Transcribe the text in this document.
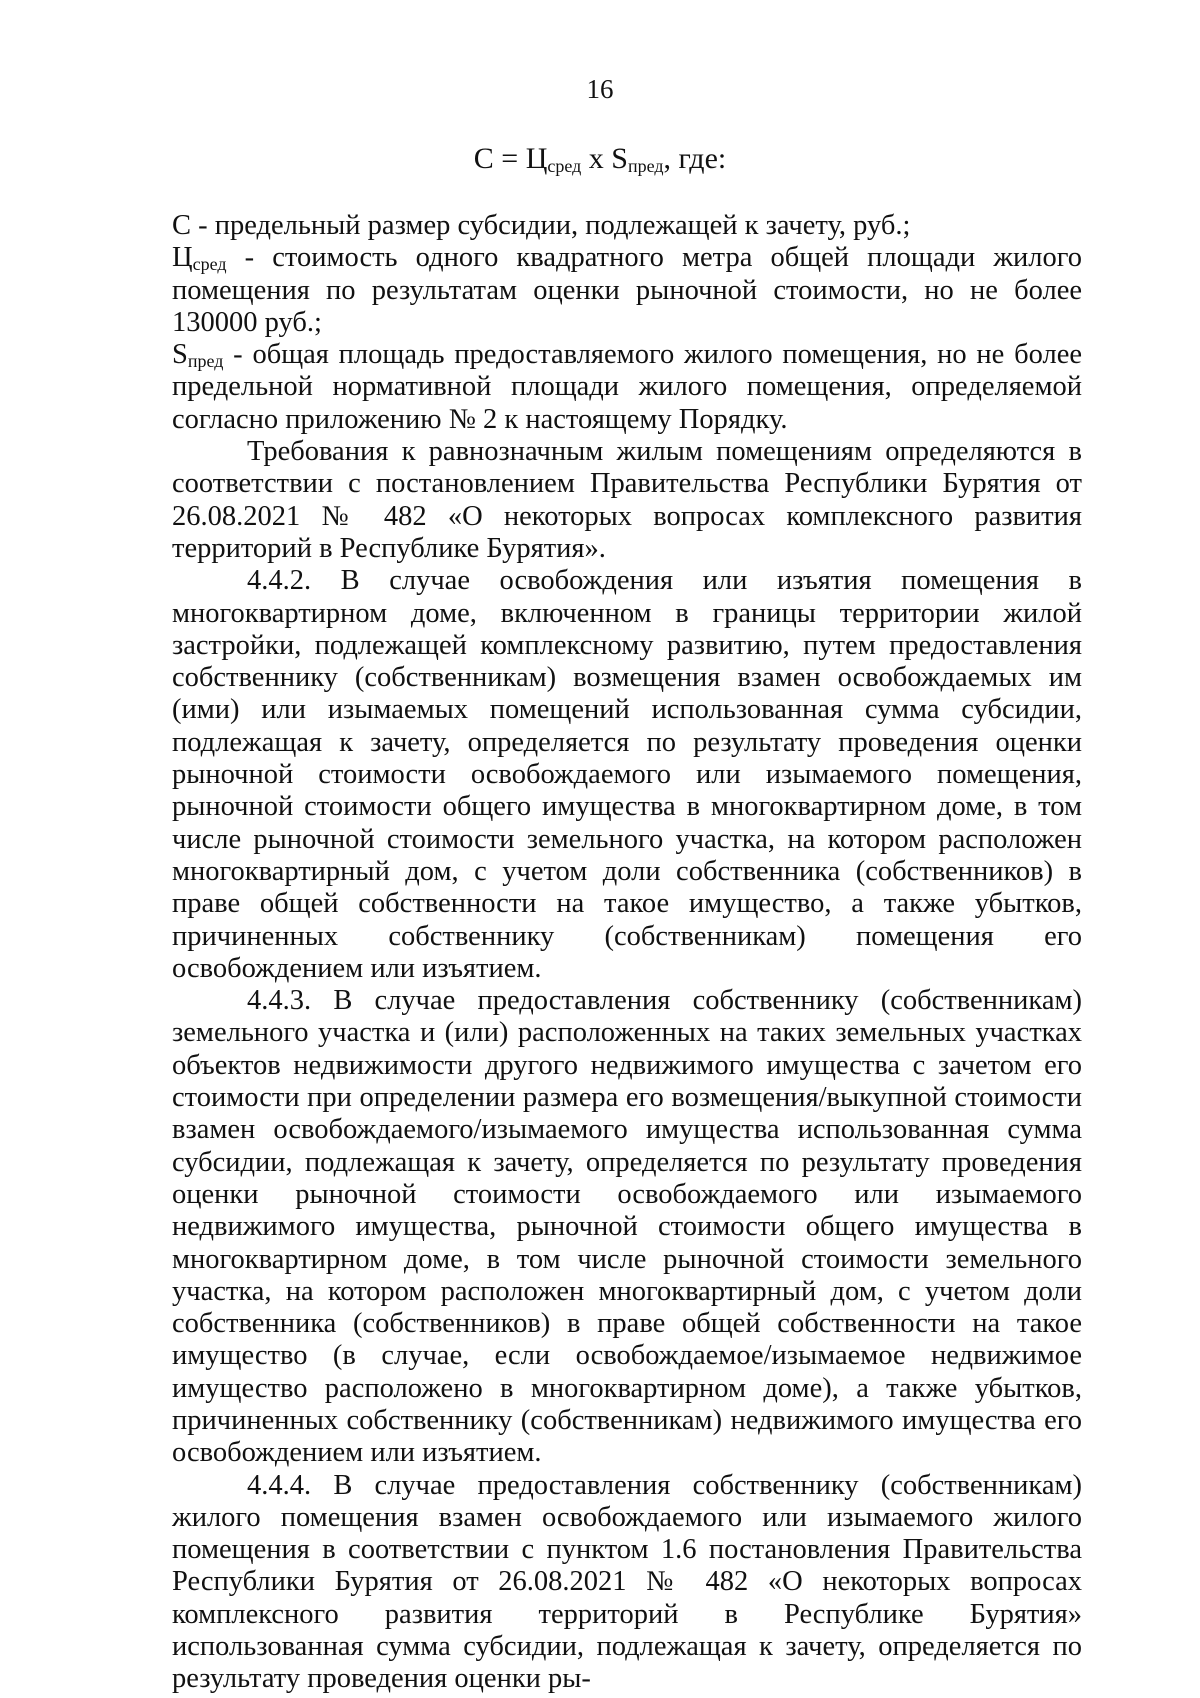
16
$С = Ц_{сред}$ х $S_{пред}$, где:

С - предельный размер субсидии, подлежащей к зачету, руб.;

$Ц_{сред}$ - стоимость одного квадратного метра общей площади жилого помещения по результатам оценки рыночной стоимости, но не более 130000 руб.;

$S_{пред}$ - общая площадь предоставляемого жилого помещения, но не более предельной нормативной площади жилого помещения, определяемой согласно приложению № 2 к настоящему Порядку.

Требования к равнозначным жилым помещениям определяются в соответствии с постановлением Правительства Республики Бурятия от 26.08.2021 № 482 «О некоторых вопросах комплексного развития территорий в Республике Бурятия».

4.4.2. В случае освобождения или изъятия помещения в многоквартирном доме, включенном в границы территории жилой застройки, подлежащей комплексному развитию, путем предоставления собственнику (собственникам) возмещения взамен освобождаемых им (ими) или изымаемых помещений использованная сумма субсидии, подлежащая к зачету, определяется по результату проведения оценки рыночной стоимости освобождаемого или изымаемого помещения, рыночной стоимости общего имущества в многоквартирном доме, в том числе рыночной стоимости земельного участка, на котором расположен многоквартирный дом, с учетом доли собственника (собственников) в праве общей собственности на такое имущество, а также убытков, причиненных собственнику (собственникам) помещения его освобождением или изъятием.

4.4.3. В случае предоставления собственнику (собственникам) земельного участка и (или) расположенных на таких земельных участках объектов недвижимости другого недвижимого имущества с зачетом его стоимости при определении размера его возмещения/выкупной стоимости взамен освобождаемого/изымаемого имущества использованная сумма субсидии, подлежащая к зачету, определяется по результату проведения оценки рыночной стоимости освобождаемого или изымаемого недвижимого имущества, рыночной стоимости общего имущества в многоквартирном доме, в том числе рыночной стоимости земельного участка, на котором расположен многоквартирный дом, с учетом доли собственника (собственников) в праве общей собственности на такое имущество (в случае, если освобождаемое/изымаемое недвижимое имущество расположено в многоквартирном доме), а также убытков, причиненных собственнику (собственникам) недвижимого имущества его освобождением или изъятием.

4.4.4. В случае предоставления собственнику (собственникам) жилого помещения взамен освобождаемого или изымаемого жилого помещения в соответствии с пунктом 1.6 постановления Правительства Республики Бурятия от 26.08.2021 № 482 «О некоторых вопросах комплексного развития территорий в Республике Бурятия» использованная сумма субсидии, подлежащая к зачету, определяется по результату проведения оценки ры-
